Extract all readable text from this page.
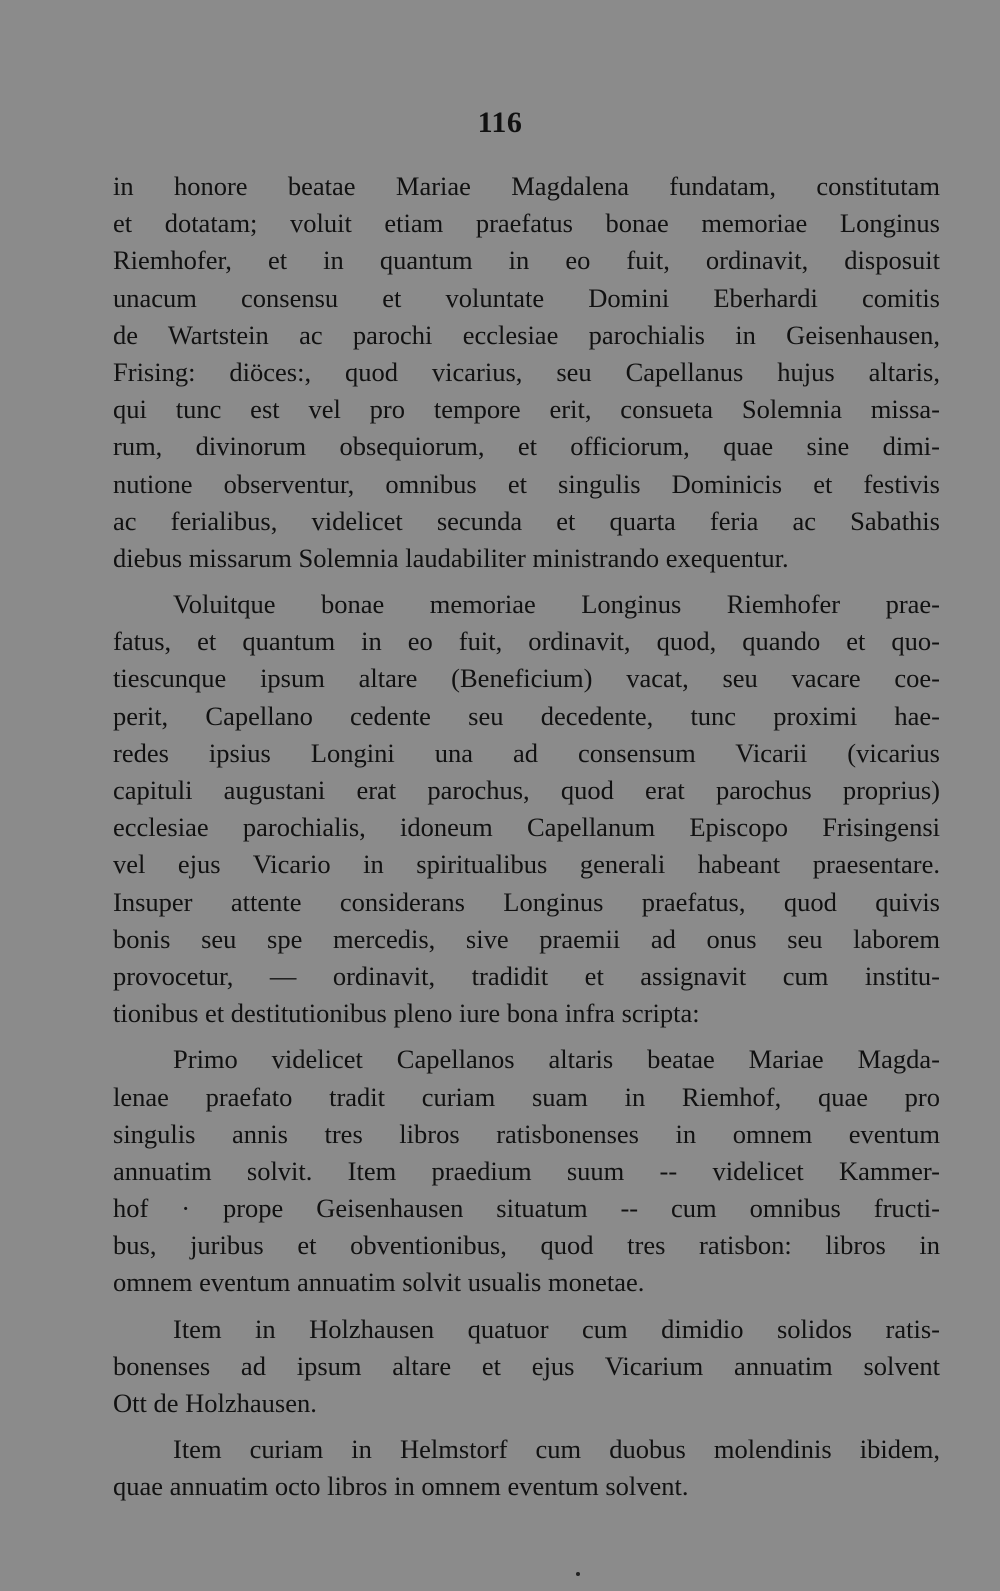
116
in honore beatae Mariae Magdalena fundatam, constitutam
et dotatam; voluit etiam praefatus bonae memoriae Longinus
Riemhofer, et in quantum in eo fuit, ordinavit, disposuit
unacum consensu et voluntate Domini Eberhardi comitis
de Wartstein ac parochi ecclesiae parochialis in Geisenhausen,
Frising: diöces:, quod vicarius, seu Capellanus hujus altaris,
qui tunc est vel pro tempore erit, consueta Solemnia missa-
rum, divinorum obsequiorum, et officiorum, quae sine dimi-
nutione observentur, omnibus et singulis Dominicis et festivis
ac ferialibus, videlicet secunda et quarta feria ac Sabathis
diebus missarum Solemnia laudabiliter ministrando exequentur.
Voluitque bonae memoriae Longinus Riemhofer prae-
fatus, et quantum in eo fuit, ordinavit, quod, quando et quo-
tiescunque ipsum altare (Beneficium) vacat, seu vacare coe-
perit, Capellano cedente seu decedente, tunc proximi hae-
redes ipsius Longini una ad consensum Vicarii (vicarius
capituli augustani erat parochus, quod erat parochus proprius)
ecclesiae parochialis, idoneum Capellanum Episcopo Frisingensi
vel ejus Vicario in spiritualibus generali habeant praesentare.
Insuper attente considerans Longinus praefatus, quod quivis
bonis seu spe mercedis, sive praemii ad onus seu laborem
provocetur, — ordinavit, tradidit et assignavit cum institu-
tionibus et destitutionibus pleno iure bona infra scripta:
Primo videlicet Capellanos altaris beatae Mariae Magda-
lenae praefato tradit curiam suam in Riemhof, quae pro
singulis annis tres libros ratisbonenses in omnem eventum
annuatim solvit. Item praedium suum -- videlicet Kammer-
hof · prope Geisenhausen situatum -- cum omnibus fructi-
bus, juribus et obventionibus, quod tres ratisbon: libros in
omnem eventum annuatim solvit usualis monetae.
Item in Holzhausen quatuor cum dimidio solidos ratis-
bonenses ad ipsum altare et ejus Vicarium annuatim solvent
Ott de Holzhausen.
Item curiam in Helmstorf cum duobus molendinis ibidem,
quae annuatim octo libros in omnem eventum solvent.
